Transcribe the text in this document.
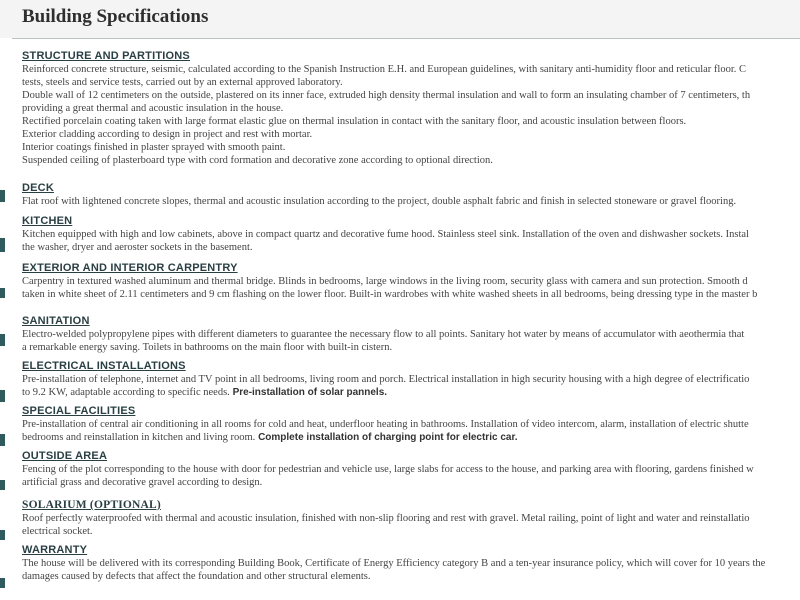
Building Specifications
STRUCTURE AND PARTITIONS
Reinforced concrete structure, seismic, calculated according to the Spanish Instruction E.H. and European guidelines, with sanitary anti-humidity floor and reticular floor. C
tests, steels and service tests, carried out by an external approved laboratory.
Double wall of 12 centimeters on the outside, plastered on its inner face, extruded high density thermal insulation and wall to form an insulating chamber of 7 centimeters, th
providing a great thermal and acoustic insulation in the house.
Rectified porcelain coating taken with large format elastic glue on thermal insulation in contact with the sanitary floor, and acoustic insulation between floors.
Exterior cladding according to design in project and rest with mortar.
Interior coatings finished in plaster sprayed with smooth paint.
Suspended ceiling of plasterboard type with cord formation and decorative zone according to optional direction.
DECK
Flat roof with lightened concrete slopes, thermal and acoustic insulation according to the project, double asphalt fabric and finish in selected stoneware or gravel flooring.
KITCHEN
Kitchen equipped with high and low cabinets, above in compact quartz and decorative fume hood. Stainless steel sink. Installation of the oven and dishwasher sockets. Instal
the washer, dryer and aeroster sockets in the basement.
EXTERIOR AND INTERIOR CARPENTRY
Carpentry in textured washed aluminum and thermal bridge. Blinds in bedrooms, large windows in the living room, security glass with camera and sun protection. Smooth d
taken in white sheet of 2.11 centimeters and 9 cm flashing on the lower floor. Built-in wardrobes with white washed sheets in all bedrooms, being dressing type in the master b
SANITATION
Electro-welded polypropylene pipes with different diameters to guarantee the necessary flow to all points. Sanitary hot water by means of accumulator with aeothermia that
a remarkable energy saving. Toilets in bathrooms on the main floor with built-in cistern.
ELECTRICAL INSTALLATIONS
Pre-installation of telephone, internet and TV point in all bedrooms, living room and porch. Electrical installation in high security housing with a high degree of electrificatio
to 9.2 KW, adaptable according to specific needs. Pre-installation of solar pannels.
SPECIAL FACILITIES
Pre-installation of central air conditioning in all rooms for cold and heat, underfloor heating in bathrooms. Installation of video intercom, alarm, installation of electric shutte
bedrooms and reinstallation in kitchen and living room. Complete installation of charging point for electric car.
OUTSIDE AREA
Fencing of the plot corresponding to the house with door for pedestrian and vehicle use, large slabs for access to the house, and parking area with flooring, gardens finished w
artificial grass and decorative gravel according to design.
SOLARIUM (OPTIONAL)
Roof perfectly waterproofed with thermal and acoustic insulation, finished with non-slip flooring and rest with gravel. Metal railing, point of light and water and reinstallatio
electrical socket.
WARRANTY
The house will be delivered with its corresponding Building Book, Certificate of Energy Efficiency category B and a ten-year insurance policy, which will cover for 10 years the
damages caused by defects that affect the foundation and other structural elements.
